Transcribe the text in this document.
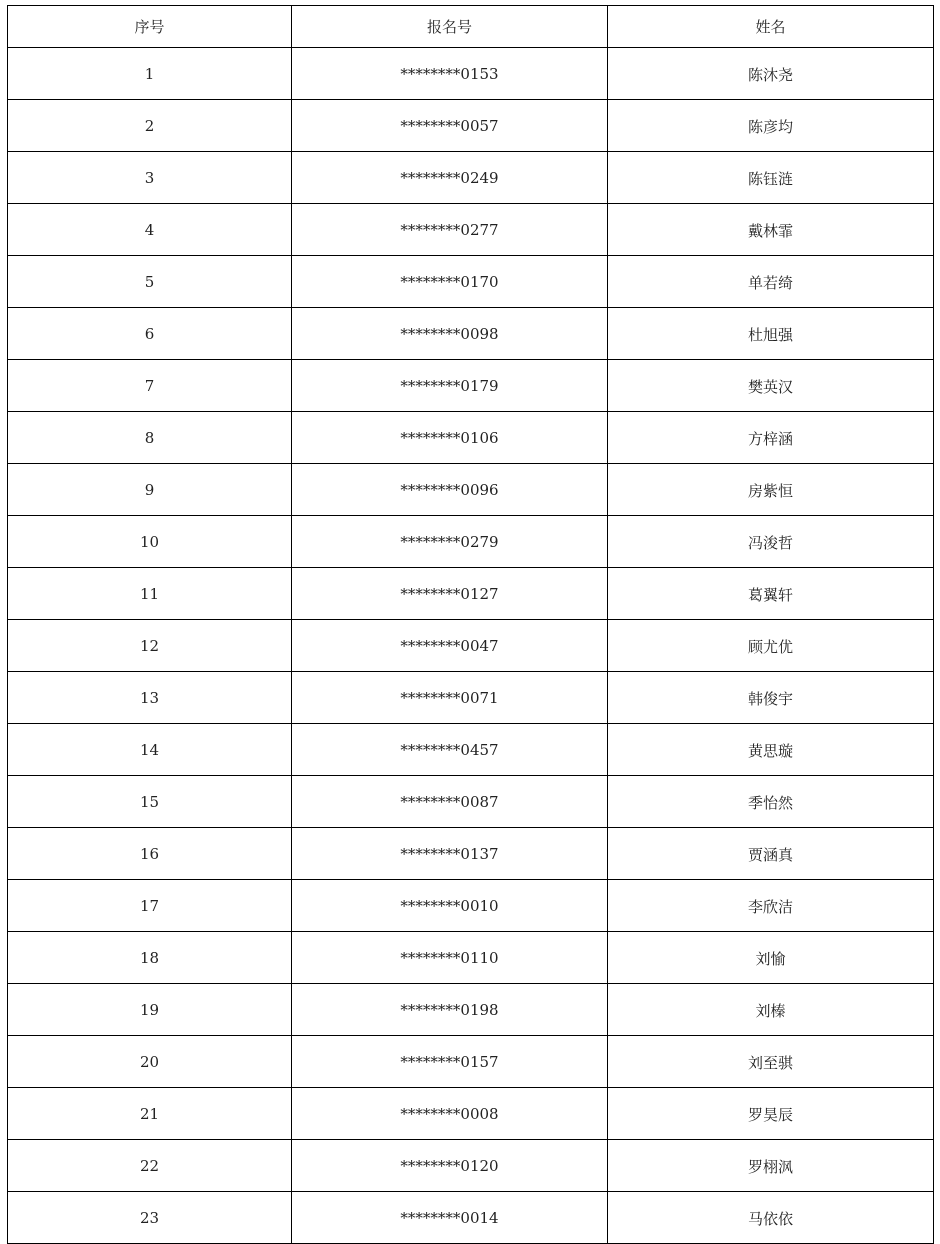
序号	报名号	姓名
1	********0153	陈沐尧
2	********0057	陈彦均
3	********0249	陈钰涟
4	********0277	戴林霏
5	********0170	单若绮
6	********0098	杜旭强
7	********0179	樊英汉
8	********0106	方梓涵
9	********0096	房紫恒
10	********0279	冯浚哲
11	********0127	葛翼轩
12	********0047	顾尤优
13	********0071	韩俊宇
14	********0457	黄思璇
15	********0087	季怡然
16	********0137	贾涵真
17	********0010	李欣洁
18	********0110	刘愉
19	********0198	刘榛
20	********0157	刘至骐
21	********0008	罗昊辰
22	********0120	罗栩沨
23	********0014	马依依
